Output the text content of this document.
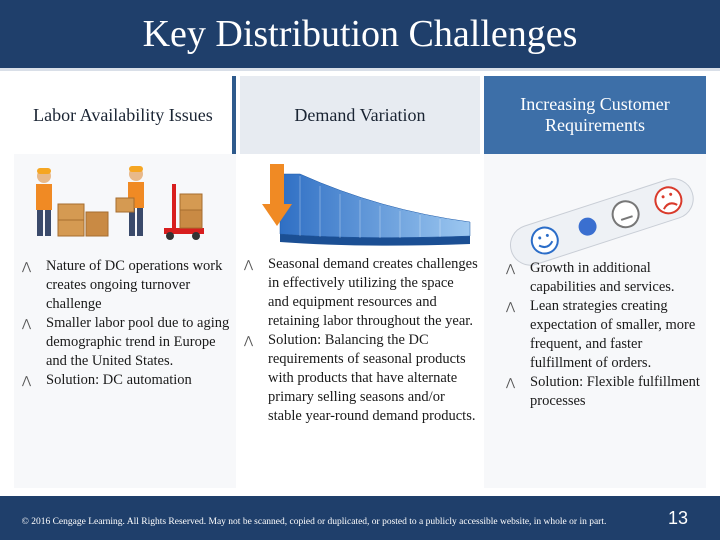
Key Distribution Challenges
Labor Availability Issues
⋀ Nature of DC operations work creates ongoing turnover challenge
⋀ Smaller labor pool due to aging demographic trend in Europe and the United States.
⋀ Solution: DC automation
Demand Variation
⋀ Seasonal demand creates challenges in effectively utilizing the space and equipment resources and retaining labor throughout the year.
⋀ Solution: Balancing the DC requirements of seasonal products with products that have alternate primary selling seasons and/or stable year-round demand products.
Increasing Customer Requirements
⋀ Growth in additional capabilities and services.
⋀ Lean strategies creating expectation of smaller, more frequent, and faster fulfillment of orders.
⋀ Solution: Flexible fulfillment processes
© 2016 Cengage Learning. All Rights Reserved. May not be scanned, copied or duplicated, or posted to a publicly accessible website, in whole or in part.	13
